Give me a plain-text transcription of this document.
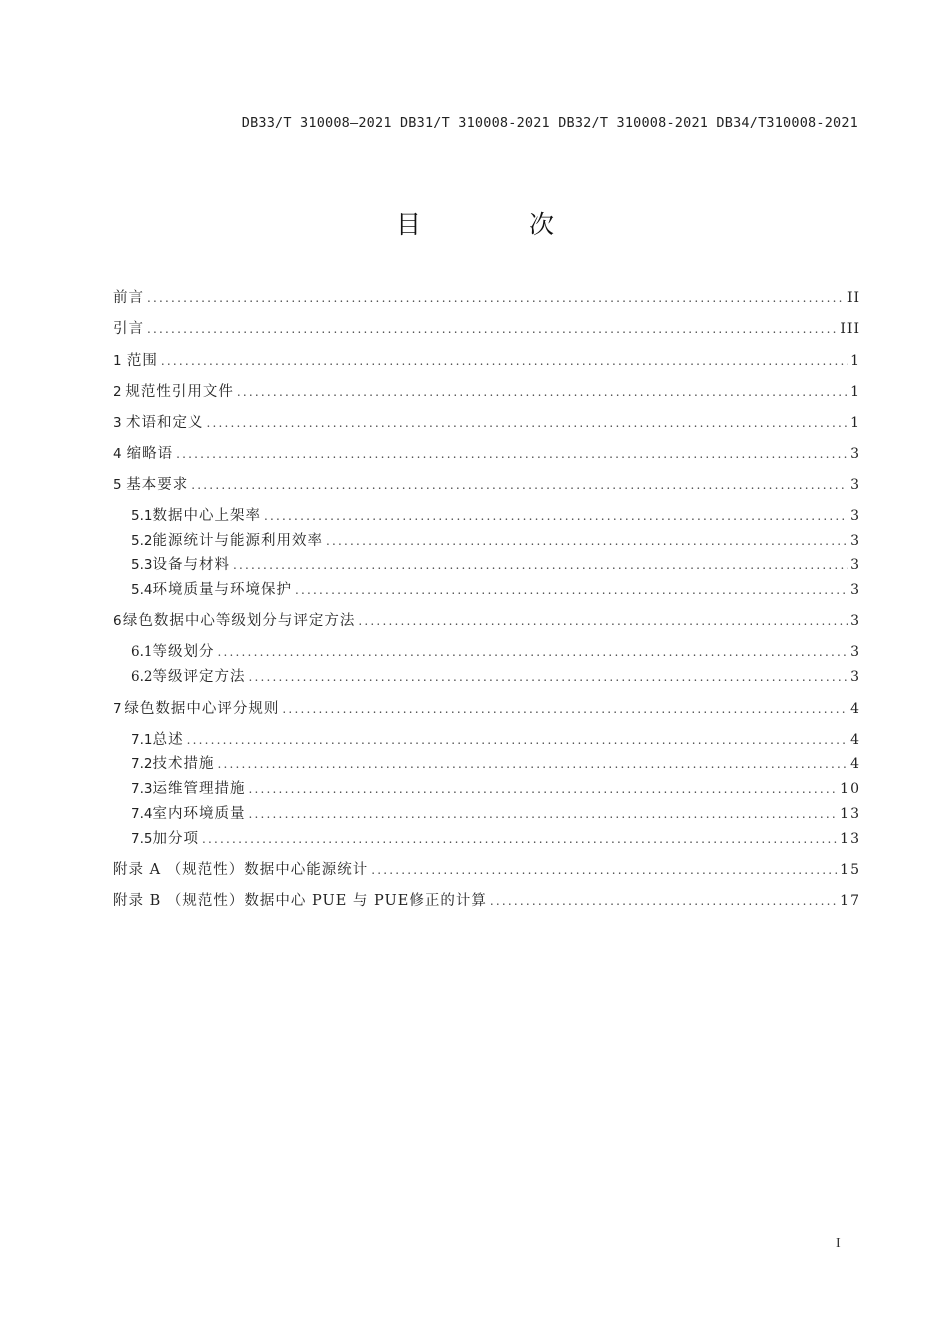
DB33/T 310008—2021 DB31/T 310008-2021 DB32/T 310008-2021 DB34/T310008-2021
目 次
前言 .....	II
引言 .....	III
1 范围 .....	1
2 规范性引用文件 .....	1
3 术语和定义 .....	1
4 缩略语 .....	3
5 基本要求 .....	3
5.1 数据中心上架率 .....	3
5.2 能源统计与能源利用效率 .....	3
5.3 设备与材料 .....	3
5.4 环境质量与环境保护 .....	3
6 绿色数据中心等级划分与评定方法 .....	3
6.1 等级划分 .....	3
6.2 等级评定方法 .....	3
7 绿色数据中心评分规则 .....	4
7.1 总述 .....	4
7.2 技术措施 .....	4
7.3 运维管理措施 .....	10
7.4 室内环境质量 .....	13
7.5 加分项 .....	13
附录 A （规范性）数据中心能源统计 .....	15
附录 B （规范性）数据中心 PUE 与 PUE修正的计算 .....	17
I
